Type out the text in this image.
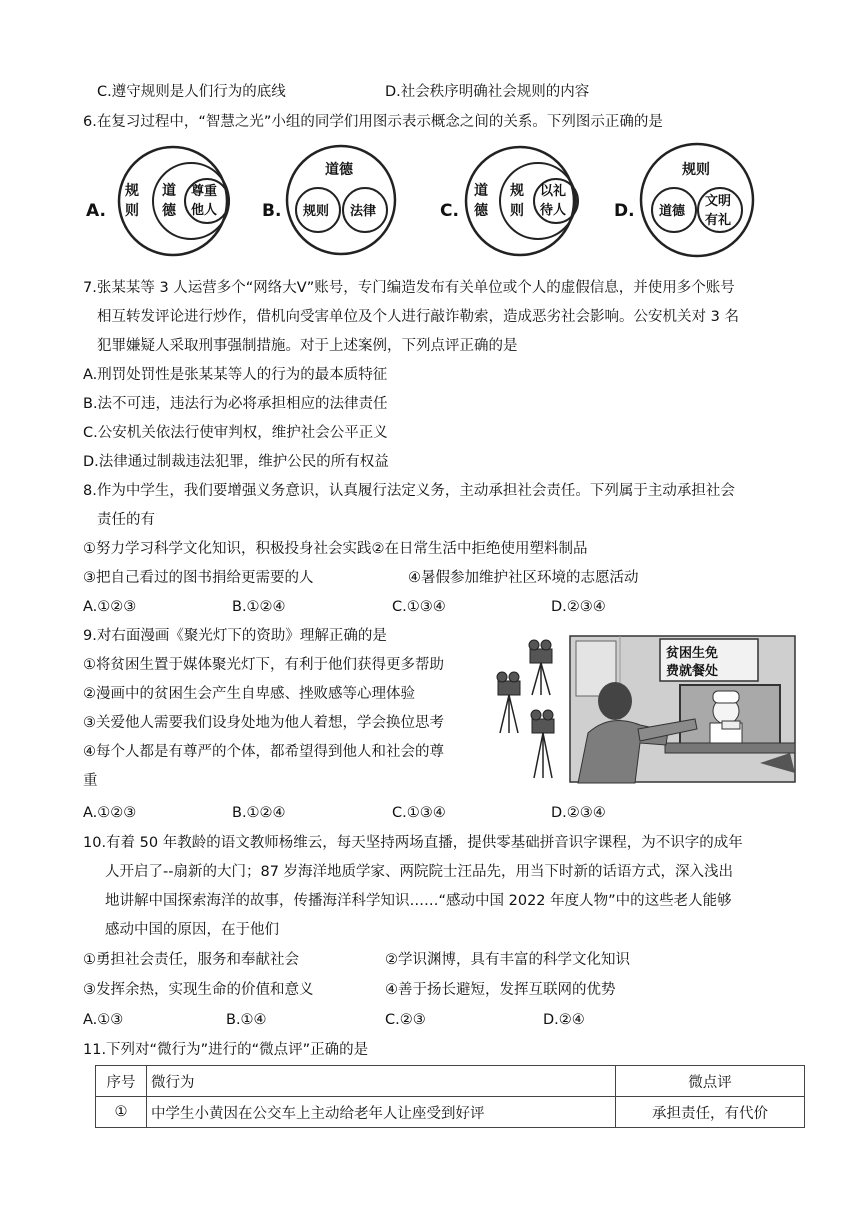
C.遵守规则是人们行为的底线	D.社会秩序明确社会规则的内容
6.在复习过程中，“智慧之光”小组的同学们用图示表示概念之间的关系。下列图示正确的是
A.
规
则
道
德
尊重
他人	B.
道德
规则 法律	C.
道
德
规
则
以礼
待人	D.
规则
道德
文明
有礼
7.张某某等 3 人运营多个“网络大V”账号，专门编造发布有关单位或个人的虚假信息，并使用多个账号
相互转发评论进行炒作，借机向受害单位及个人进行敲诈勒索，造成恶劣社会影响。公安机关对 3 名
犯罪嫌疑人采取刑事强制措施。对于上述案例，下列点评正确的是
A.刑罚处罚性是张某某等人的行为的最本质特征
B.法不可违，违法行为必将承担相应的法律责任
C.公安机关依法行使审判权，维护社会公平正义
D.法律通过制裁违法犯罪，维护公民的所有权益
8.作为中学生，我们要增强义务意识，认真履行法定义务，主动承担社会责任。下列属于主动承担社会
责任的有
①努力学习科学文化知识，积极投身社会实践②在日常生活中拒绝使用塑料制品
③把自己看过的图书捐给更需要的人	④暑假参加维护社区环境的志愿活动
A.①②③	B.①②④	C.①③④	D.②③④
9.对右面漫画《聚光灯下的资助》理解正确的是
①将贫困生置于媒体聚光灯下，有利于他们获得更多帮助
②漫画中的贫困生会产生自卑感、挫败感等心理体验
③关爱他人需要我们设身处地为他人着想，学会换位思考
④每个人都是有尊严的个体，都希望得到他人和社会的尊
重
贫困生免
费就餐处
A.①②③	B.①②④	C.①③④	D.②③④
10.有着 50 年教龄的语文教师杨维云，每天坚持两场直播，提供零基础拼音识字课程，为不识字的成年
人开启了--扇新的大门；87 岁海洋地质学家、两院院士汪品先，用当下时新的话语方式，深入浅出
地讲解中国探索海洋的故事，传播海洋科学知识……“感动中国 2022 年度人物”中的这些老人能够
感动中国的原因，在于他们
①勇担社会责任，服务和奉献社会	②学识渊博，具有丰富的科学文化知识
③发挥余热，实现生命的价值和意义	④善于扬长避短，发挥互联网的优势
A.①③	B.①④	C.②③	D.②④
11.下列对“微行为”进行的“微点评”正确的是
序号	微行为	微点评
①	中学生小黄因在公交车上主动给老年人让座受到好评	承担责任，有代价
